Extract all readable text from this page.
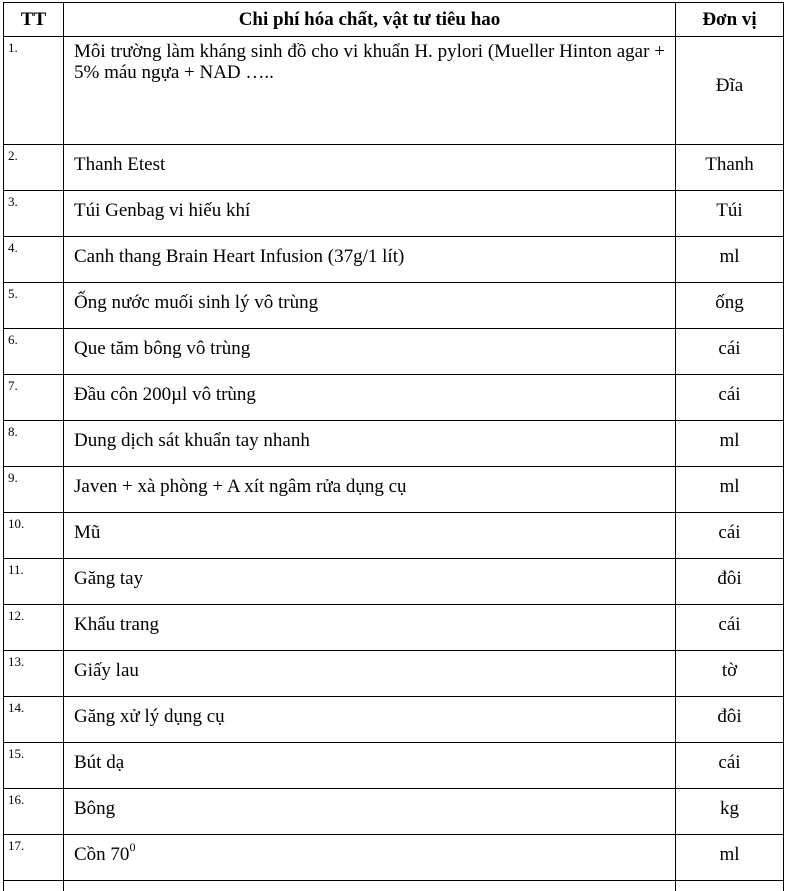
TT	Chi phí hóa chất, vật tư tiêu hao	Đơn vị
1.	Môi trường làm kháng sinh đồ cho vi khuẩn H. pylori (Mueller Hinton agar + 5% máu ngựa + NAD …..	Đĩa
2.	Thanh Etest	Thanh
3.	Túi Genbag vi hiếu khí	Túi
4.	Canh thang Brain Heart Infusion (37g/1 lít)	ml
5.	Ống nước muối sinh lý vô trùng	ống
6.	Que tăm bông vô trùng	cái
7.	Đầu côn 200µl vô trùng	cái
8.	Dung dịch sát khuẩn tay nhanh	ml
9.	Javen + xà phòng + A xít ngâm rửa dụng cụ	ml
10.	Mũ	cái
11.	Găng tay	đôi
12.	Khẩu trang	cái
13.	Giấy lau	tờ
14.	Găng xử lý dụng cụ	đôi
15.	Bút dạ	cái
16.	Bông	kg
17.	Cồn $70^0$	ml
